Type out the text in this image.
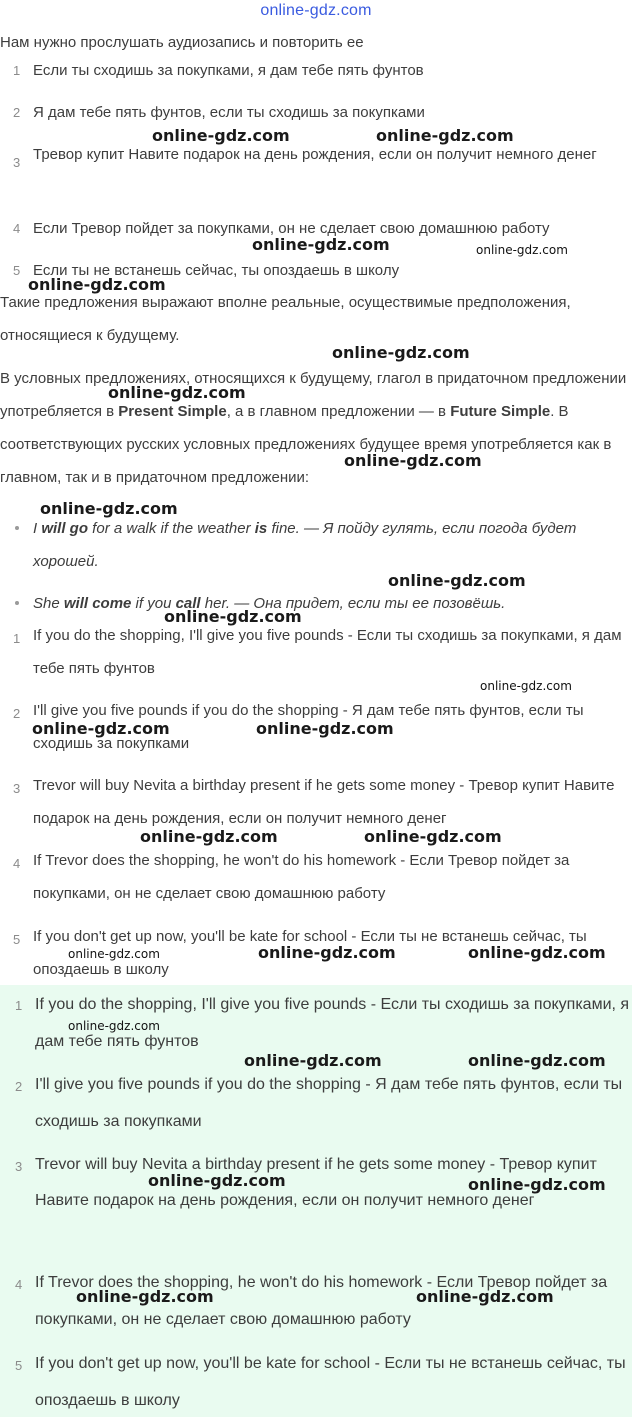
online-gdz.com
Нам нужно прослушать аудиозапись и повторить ее
1 Если ты сходишь за покупками, я дам тебе пять фунтов
2 Я дам тебе пять фунтов, если ты сходишь за покупками
3 Тревор купит Навите подарок на день рождения, если он получит немного денег
4 Если Тревор пойдет за покупками, он не сделает свою домашнюю работу
5 Если ты не встанешь сейчас, ты опоздаешь в школу
Такие предложения выражают вполне реальные, осуществимые предположения, относящиеся к будущему.
В условных предложениях, относящихся к будущему, глагол в придаточном предложении употребляется в Present Simple, а в главном предложении — в Future Simple. В соответствующих русских условных предложениях будущее время употребляется как в главном, так и в придаточном предложении:
I will go for a walk if the weather is fine. — Я пойду гулять, если погода будет хорошей.
She will come if you call her. — Она придет, если ты ее позовёшь.
1 If you do the shopping, I'll give you five pounds - Если ты сходишь за покупками, я дам тебе пять фунтов
2 I'll give you five pounds if you do the shopping - Я дам тебе пять фунтов, если ты сходишь за покупками
3 Trevor will buy Nevita a birthday present if he gets some money - Тревор купит Навите подарок на день рождения, если он получит немного денег
4 If Trevor does the shopping, he won't do his homework - Если Тревор пойдет за покупками, он не сделает свою домашнюю работу
5 If you don't get up now, you'll be kate for school - Если ты не встанешь сейчас, ты опоздаешь в школу
1 If you do the shopping, I'll give you five pounds - Если ты сходишь за покупками, я дам тебе пять фунтов
2 I'll give you five pounds if you do the shopping - Я дам тебе пять фунтов, если ты сходишь за покупками
3 Trevor will buy Nevita a birthday present if he gets some money - Тревор купит Навите подарок на день рождения, если он получит немного денег
4 If Trevor does the shopping, he won't do his homework - Если Тревор пойдет за покупками, он не сделает свою домашнюю работу
5 If you don't get up now, you'll be kate for school - Если ты не встанешь сейчас, ты опоздаешь в школу
online-gdz.com	online-gdz.com
online-gdz.com	online-gdz.com
online-gdz.com
online-gdz.com
online-gdz.com
online-gdz.com
online-gdz.com
online-gdz.com
online-gdz.com
online-gdz.com
online-gdz.com	online-gdz.com
online-gdz.com	online-gdz.com
online-gdz.com	online-gdz.com
online-gdz.com
online-gdz.com
online-gdz.com	online-gdz.com
online-gdz.com	online-gdz.com
online-gdz.com	online-gdz.com
